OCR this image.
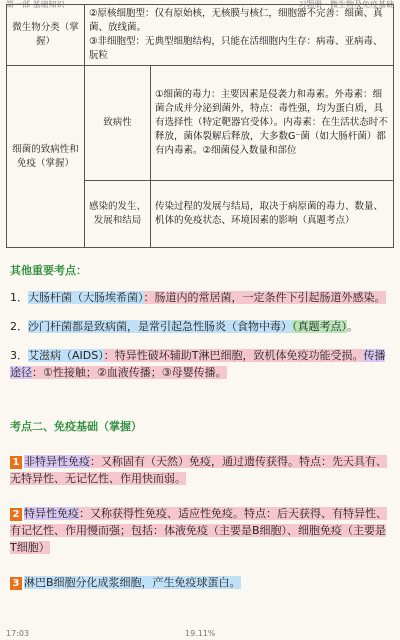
第一部 基础知识	习题册 · 微生物及免疫基础
微生物分类（掌握）	②原核细胞型：仅有原始核，无核膜与核仁，细胞器不完善：细菌、真菌、放线菌。
③非细胞型：无典型细胞结构，只能在活细胞内生存：病毒、亚病毒、朊粒	
细菌的致病性和免疫（掌握）	致病性	①细菌的毒力：主要因素是侵袭力和毒素。外毒素：细菌合成并分泌到菌外，特点：毒性强，均为蛋白质，具有选择性（特定靶器官受体）。内毒素：在生活状态时不释放，菌体裂解后释放，大多数G⁻菌（如大肠杆菌）都有内毒素。②细菌侵入数量和部位
	感染的发生、发展和结局	传染过程的发展与结局，取决于病原菌的毒力、数量、机体的免疫状态、环境因素的影响（真题考点）
其他重要考点：
1．大肠杆菌（大肠埃希菌）：肠道内的常居菌，一定条件下引起肠道外感染。
2．沙门杆菌都是致病菌，是常引起急性肠炎（食物中毒）（真题考点）。
3．艾滋病（AIDS）：特异性破坏辅助T淋巴细胞，致机体免疫功能受损。传播途径：①性接触；②血液传播；③母婴传播。
考点二、免疫基础（掌握）
1 非特异性免疫：又称固有（天然）免疫，通过遗传获得。特点：先天具有、无特异性、无记忆性、作用快而弱。
2 特异性免疫：又称获得性免疫、适应性免疫。特点：后天获得、有特异性、有记忆性、作用慢而强；包括：体液免疫（主要是B细胞）、细胞免疫（主要是T细胞）
3 淋巴B细胞分化成浆细胞，产生免疫球蛋白。
17:03	19.11%
